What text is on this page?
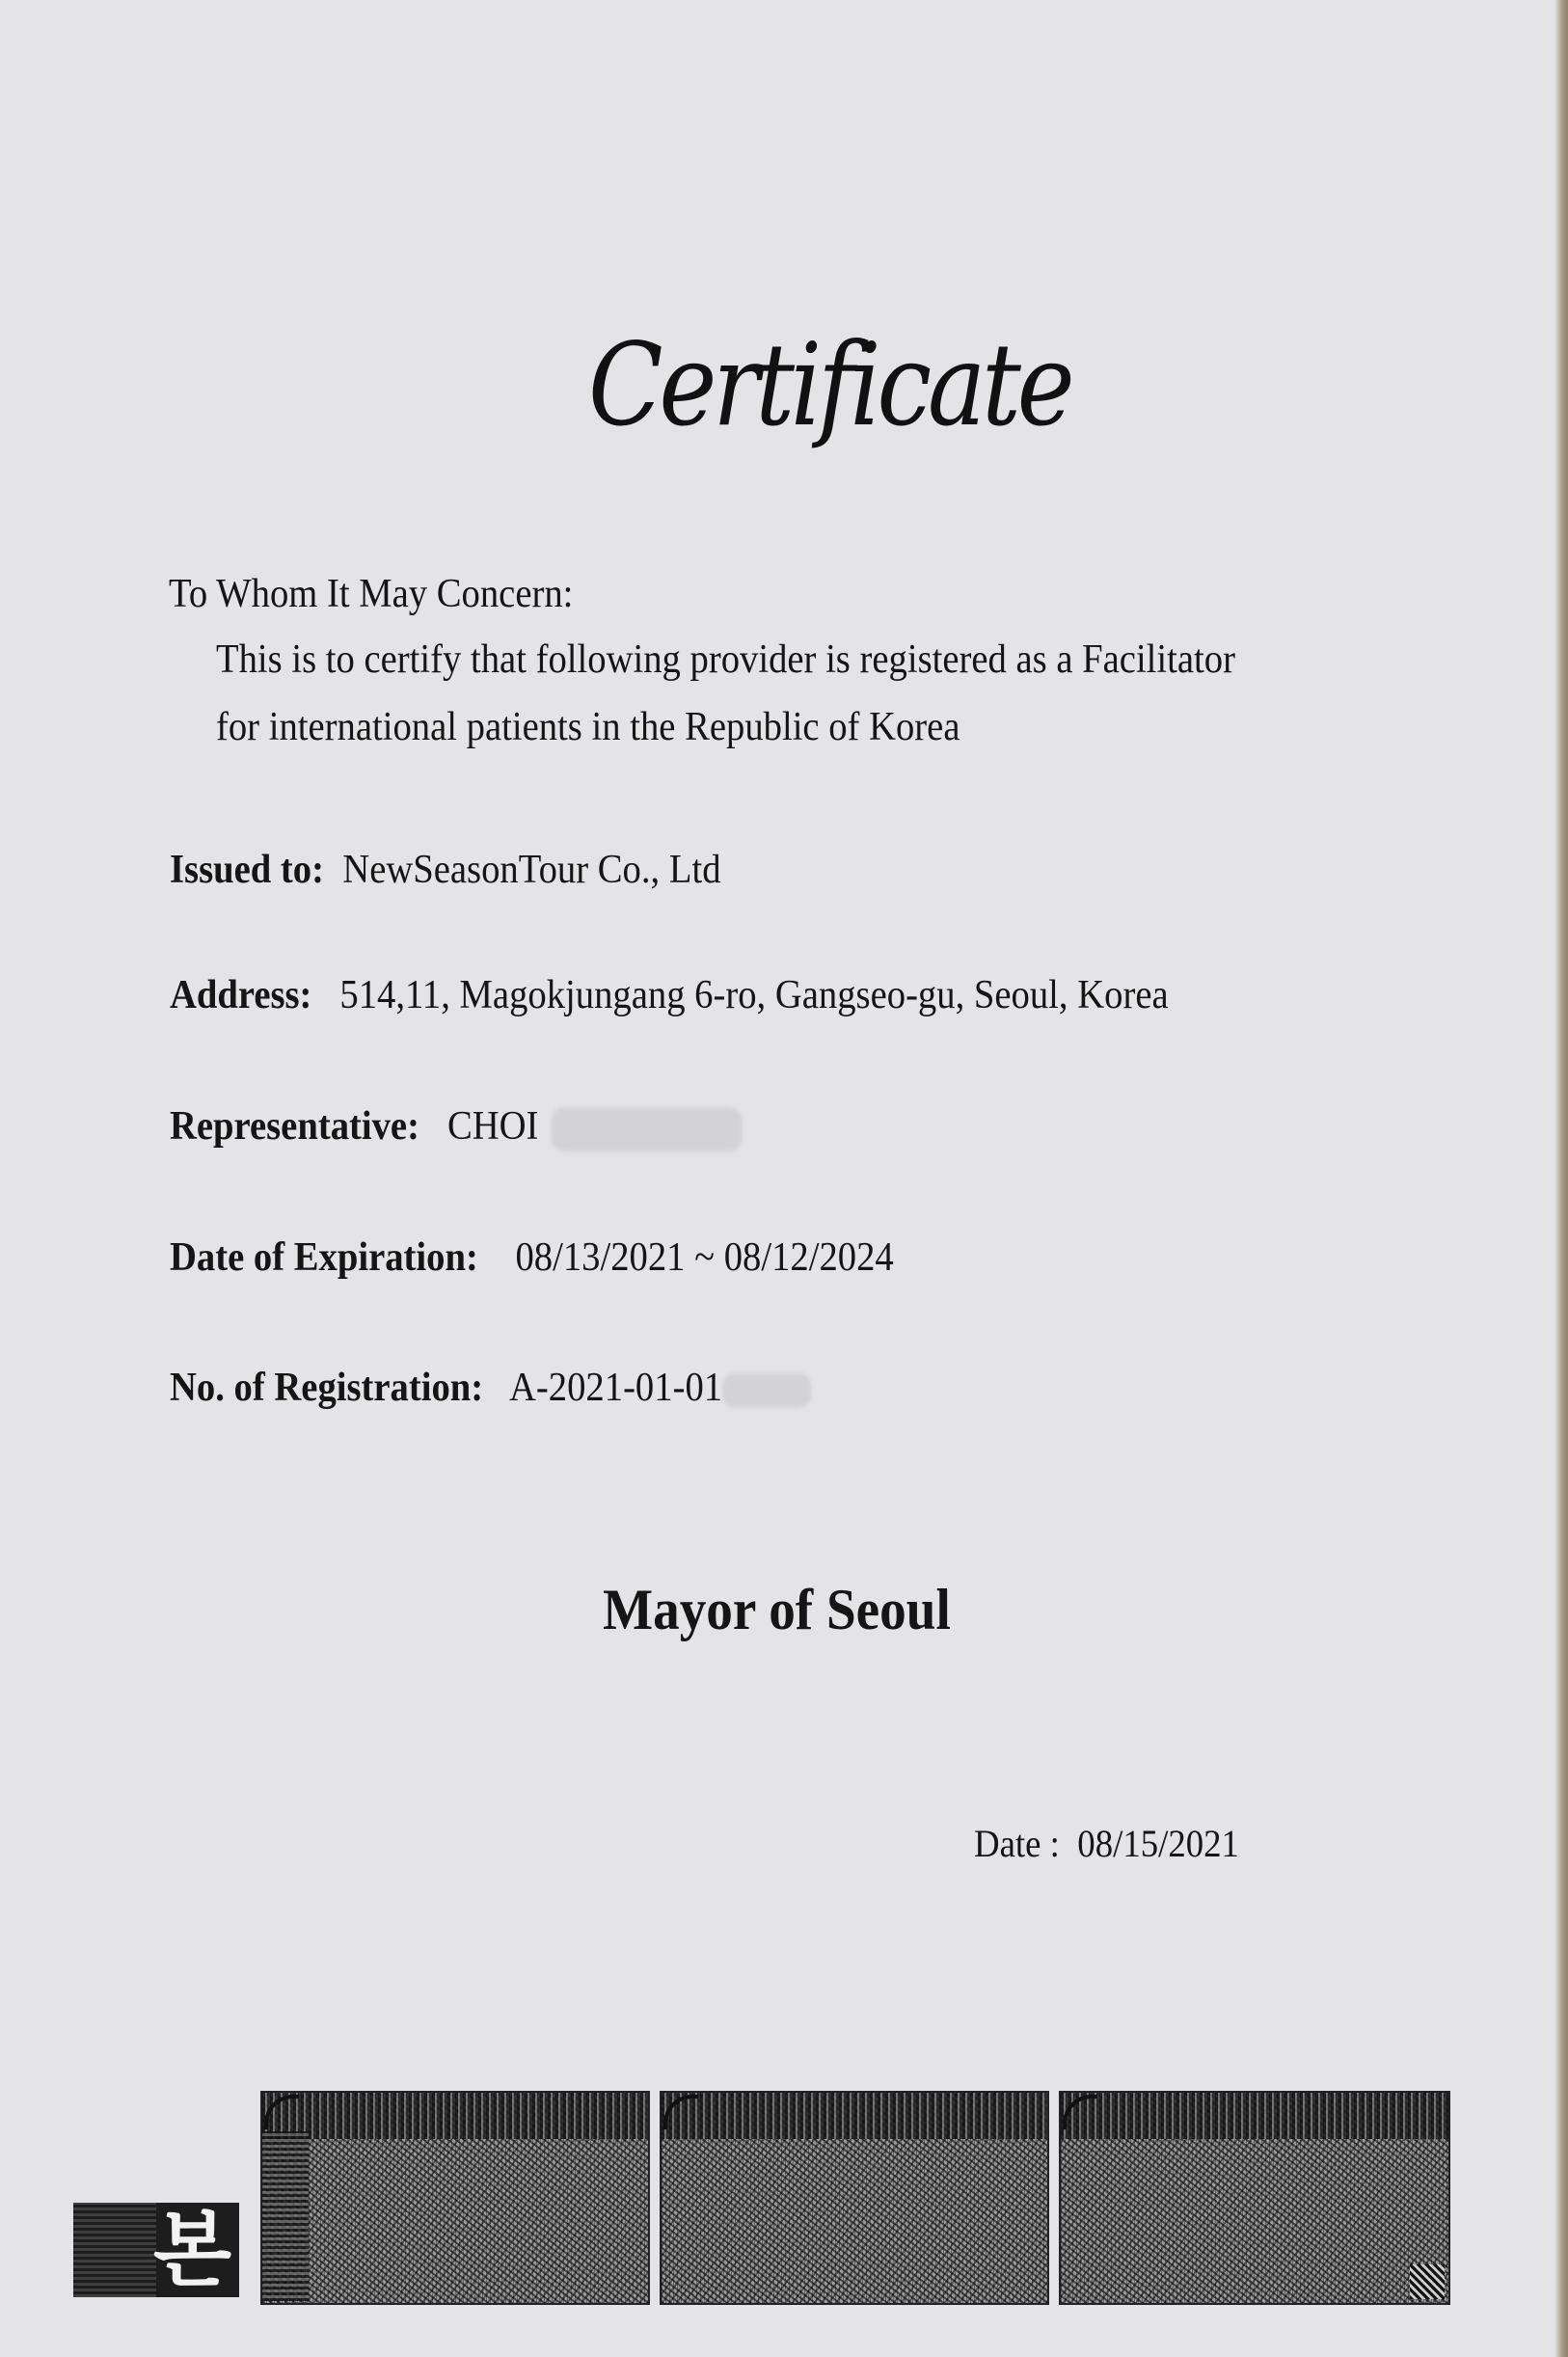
Certificate
To Whom It May Concern:
This is to certify that following provider is registered as a Facilitator
for international patients in the Republic of Korea
Issued to: NewSeasonTour Co., Ltd
Address: 514,11, Magokjungang 6-ro, Gangseo-gu, Seoul, Korea
Representative: CHOI
Date of Expiration: 08/13/2021 ~ 08/12/2024
No. of Registration: A-2021-01-01
Mayor of Seoul
Date : 08/15/2021
본
